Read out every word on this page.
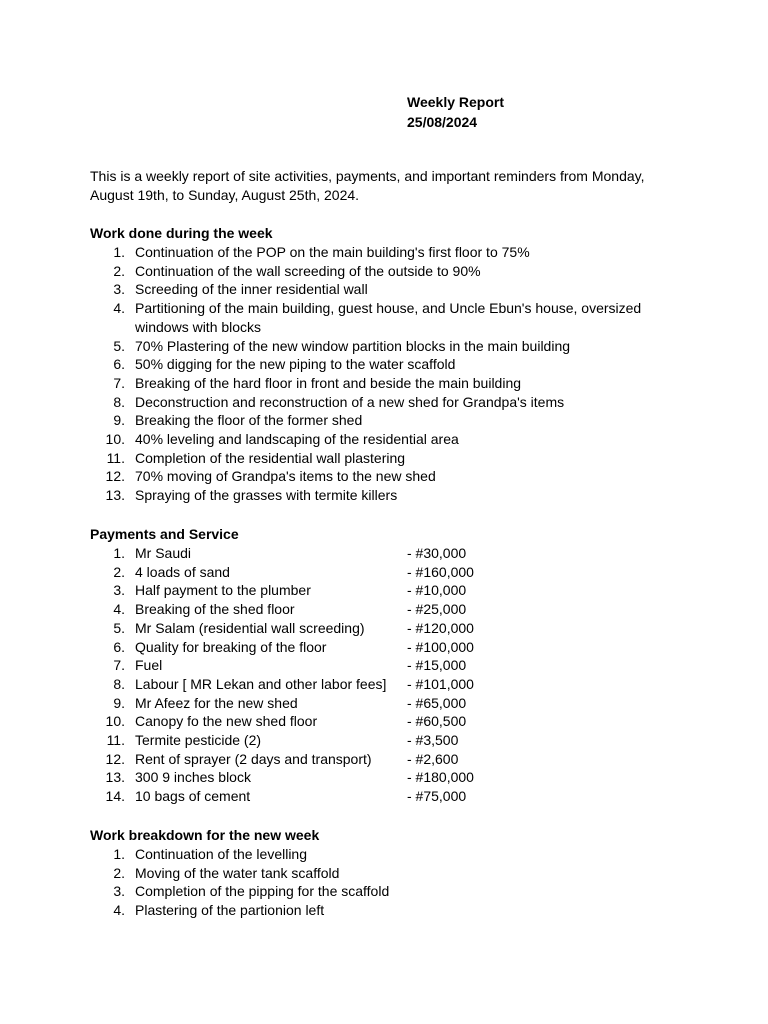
Weekly Report
25/08/2024
This is a weekly report of site activities, payments, and important reminders from Monday, August 19th, to Sunday, August 25th, 2024.
Work done during the week
1. Continuation of the POP on the main building's first floor to 75%
2. Continuation of the wall screeding of the outside to 90%
3. Screeding of the inner residential wall
4. Partitioning of the main building, guest house, and Uncle Ebun's house, oversized windows with blocks
5. 70% Plastering of the new window partition blocks in the main building
6. 50% digging for the new piping to the water scaffold
7. Breaking of the hard floor in front and beside the main building
8. Deconstruction and reconstruction of a new shed for Grandpa's items
9. Breaking the floor of the former shed
10. 40% leveling and landscaping of the residential area
11. Completion of the residential wall plastering
12. 70% moving of Grandpa's items to the new shed
13. Spraying of the grasses with termite killers
Payments and Service
1. Mr Saudi	- #30,000
2. 4 loads of sand	- #160,000
3. Half payment to the plumber	- #10,000
4. Breaking of the shed floor	- #25,000
5. Mr Salam (residential wall screeding)	- #120,000
6. Quality for breaking of the floor	- #100,000
7. Fuel	- #15,000
8. Labour [ MR Lekan and other labor fees] - #101,000
9. Mr Afeez for the new shed	- #65,000
10. Canopy fo the new shed floor	- #60,500
11. Termite pesticide (2)	- #3,500
12. Rent of sprayer (2 days and transport)	- #2,600
13. 300 9 inches block	- #180,000
14. 10 bags of cement	- #75,000
Work breakdown for the new week
1. Continuation of the levelling
2. Moving of the water tank scaffold
3. Completion of the pipping for the scaffold
4. Plastering of the partionion left
